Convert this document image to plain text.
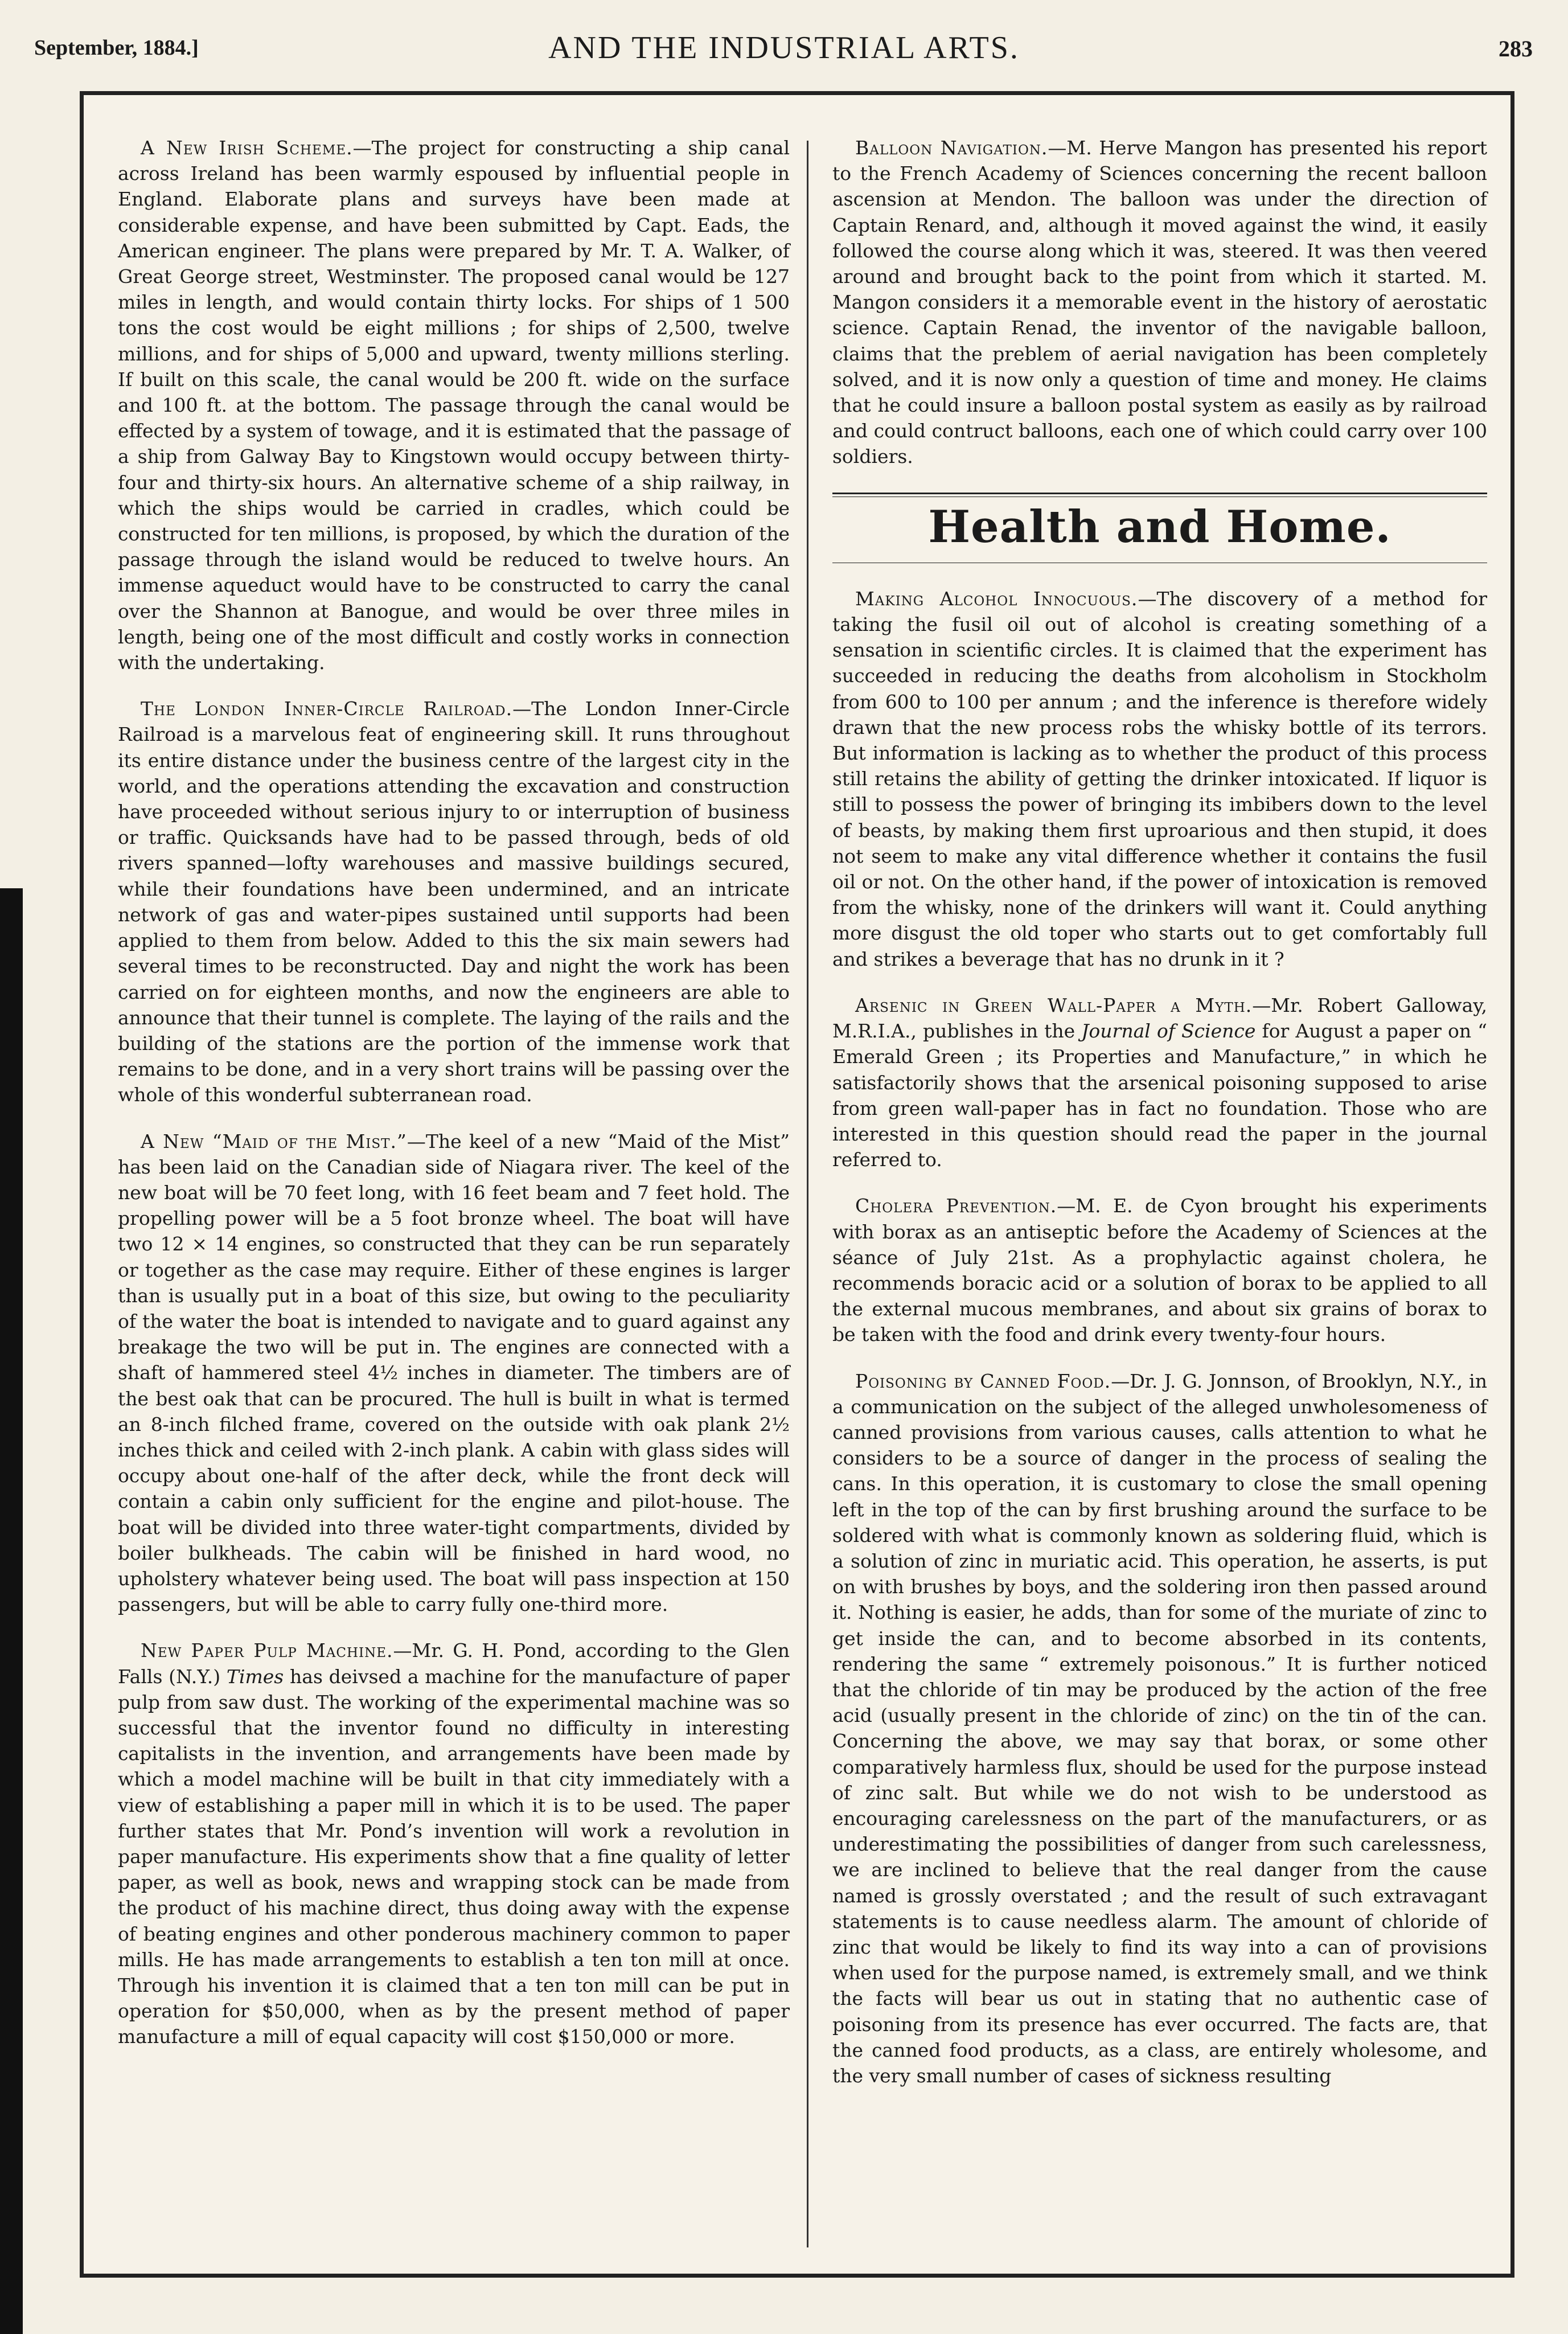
September, 1884.]	AND THE INDUSTRIAL ARTS.	283

A New Irish Scheme.—The project for constructing a ship canal across Ireland has been warmly espoused by influential people in England. Elaborate plans and surveys have been made at considerable expense, and have been submitted by Capt. Eads, the American engineer. The plans were prepared by Mr. T. A. Walker, of Great George street, Westminster. The proposed canal would be 127 miles in length, and would contain thirty locks. For ships of 1 500 tons the cost would be eight millions ; for ships of 2,500, twelve millions, and for ships of 5,000 and upward, twenty millions sterling. If built on this scale, the canal would be 200 ft. wide on the surface and 100 ft. at the bottom. The passage through the canal would be effected by a system of towage, and it is estimated that the passage of a ship from Galway Bay to Kingstown would occupy between thirty-four and thirty-six hours. An alternative scheme of a ship railway, in which the ships would be carried in cradles, which could be constructed for ten millions, is proposed, by which the duration of the passage through the island would be reduced to twelve hours. An immense aqueduct would have to be constructed to carry the canal over the Shannon at Banogue, and would be over three miles in length, being one of the most difficult and costly works in connection with the undertaking.

The London Inner-Circle Railroad.—The London Inner-Circle Railroad is a marvelous feat of engineering skill. It runs throughout its entire distance under the business centre of the largest city in the world, and the operations attending the excavation and construction have proceeded without serious injury to or interruption of business or traffic. Quicksands have had to be passed through, beds of old rivers spanned—lofty warehouses and massive buildings secured, while their foundations have been undermined, and an intricate network of gas and water-pipes sustained until supports had been applied to them from below. Added to this the six main sewers had several times to be reconstructed. Day and night the work has been carried on for eighteen months, and now the engineers are able to announce that their tunnel is complete. The laying of the rails and the building of the stations are the portion of the immense work that remains to be done, and in a very short trains will be passing over the whole of this wonderful subterranean road.

A New “Maid of the Mist.”—The keel of a new “Maid of the Mist” has been laid on the Canadian side of Niagara river. The keel of the new boat will be 70 feet long, with 16 feet beam and 7 feet hold. The propelling power will be a 5 foot bronze wheel. The boat will have two 12 × 14 engines, so constructed that they can be run separately or together as the case may require. Either of these engines is larger than is usually put in a boat of this size, but owing to the peculiarity of the water the boat is intended to navigate and to guard against any breakage the two will be put in. The engines are connected with a shaft of hammered steel 4½ inches in diameter. The timbers are of the best oak that can be procured. The hull is built in what is termed an 8-inch filched frame, covered on the outside with oak plank 2½ inches thick and ceiled with 2-inch plank. A cabin with glass sides will occupy about one-half of the after deck, while the front deck will contain a cabin only sufficient for the engine and pilot-house. The boat will be divided into three water-tight compartments, divided by boiler bulkheads. The cabin will be finished in hard wood, no upholstery whatever being used. The boat will pass inspection at 150 passengers, but will be able to carry fully one-third more.

New Paper Pulp Machine.—Mr. G. H. Pond, according to the Glen Falls (N.Y.) Times has deivsed a machine for the manufacture of paper pulp from saw dust. The working of the experimental machine was so successful that the inventor found no difficulty in interesting capitalists in the invention, and arrangements have been made by which a model machine will be built in that city immediately with a view of establishing a paper mill in which it is to be used. The paper further states that Mr. Pond’s invention will work a revolution in paper manufacture. His experiments show that a fine quality of letter paper, as well as book, news and wrapping stock can be made from the product of his machine direct, thus doing away with the expense of beating engines and other ponderous machinery common to paper mills. He has made arrangements to establish a ten ton mill at once. Through his invention it is claimed that a ten ton mill can be put in operation for $50,000, when as by the present method of paper manufacture a mill of equal capacity will cost $150,000 or more.

Balloon Navigation.—M. Herve Mangon has presented his report to the French Academy of Sciences concerning the recent balloon ascension at Mendon. The balloon was under the direction of Captain Renard, and, although it moved against the wind, it easily followed the course along which it was, steered. It was then veered around and brought back to the point from which it started. M. Mangon considers it a memorable event in the history of aerostatic science. Captain Renad, the inventor of the navigable balloon, claims that the preblem of aerial navigation has been completely solved, and it is now only a question of time and money. He claims that he could insure a balloon postal system as easily as by railroad and could contruct balloons, each one of which could carry over 100 soldiers.

Health and Home.

Making Alcohol Innocuous.—The discovery of a method for taking the fusil oil out of alcohol is creating something of a sensation in scientific circles. It is claimed that the experiment has succeeded in reducing the deaths from alcoholism in Stockholm from 600 to 100 per annum ; and the inference is therefore widely drawn that the new process robs the whisky bottle of its terrors. But information is lacking as to whether the product of this process still retains the ability of getting the drinker intoxicated. If liquor is still to possess the power of bringing its imbibers down to the level of beasts, by making them first uproarious and then stupid, it does not seem to make any vital difference whether it contains the fusil oil or not. On the other hand, if the power of intoxication is removed from the whisky, none of the drinkers will want it. Could anything more disgust the old toper who starts out to get comfortably full and strikes a beverage that has no drunk in it ?

Arsenic in Green Wall-Paper a Myth.—Mr. Robert Galloway, M.R.I.A., publishes in the Journal of Science for August a paper on “ Emerald Green ; its Properties and Manufacture,” in which he satisfactorily shows that the arsenical poisoning supposed to arise from green wall-paper has in fact no foundation. Those who are interested in this question should read the paper in the journal referred to.

Cholera Prevention.—M. E. de Cyon brought his experiments with borax as an antiseptic before the Academy of Sciences at the séance of July 21st. As a prophylactic against cholera, he recommends boracic acid or a solution of borax to be applied to all the external mucous membranes, and about six grains of borax to be taken with the food and drink every twenty-four hours.

Poisoning by Canned Food.—Dr. J. G. Jonnson, of Brooklyn, N.Y., in a communication on the subject of the alleged unwholesomeness of canned provisions from various causes, calls attention to what he considers to be a source of danger in the process of sealing the cans. In this operation, it is customary to close the small opening left in the top of the can by first brushing around the surface to be soldered with what is commonly known as soldering fluid, which is a solution of zinc in muriatic acid. This operation, he asserts, is put on with brushes by boys, and the soldering iron then passed around it. Nothing is easier, he adds, than for some of the muriate of zinc to get inside the can, and to become absorbed in its contents, rendering the same “ extremely poisonous.” It is further noticed that the chloride of tin may be produced by the action of the free acid (usually present in the chloride of zinc) on the tin of the can. Concerning the above, we may say that borax, or some other comparatively harmless flux, should be used for the purpose instead of zinc salt. But while we do not wish to be understood as encouraging carelessness on the part of the manufacturers, or as underestimating the possibilities of danger from such carelessness, we are inclined to believe that the real danger from the cause named is grossly overstated ; and the result of such extravagant statements is to cause needless alarm. The amount of chloride of zinc that would be likely to find its way into a can of provisions when used for the purpose named, is extremely small, and we think the facts will bear us out in stating that no authentic case of poisoning from its presence has ever occurred. The facts are, that the canned food products, as a class, are entirely wholesome, and the very small number of cases of sickness resulting
